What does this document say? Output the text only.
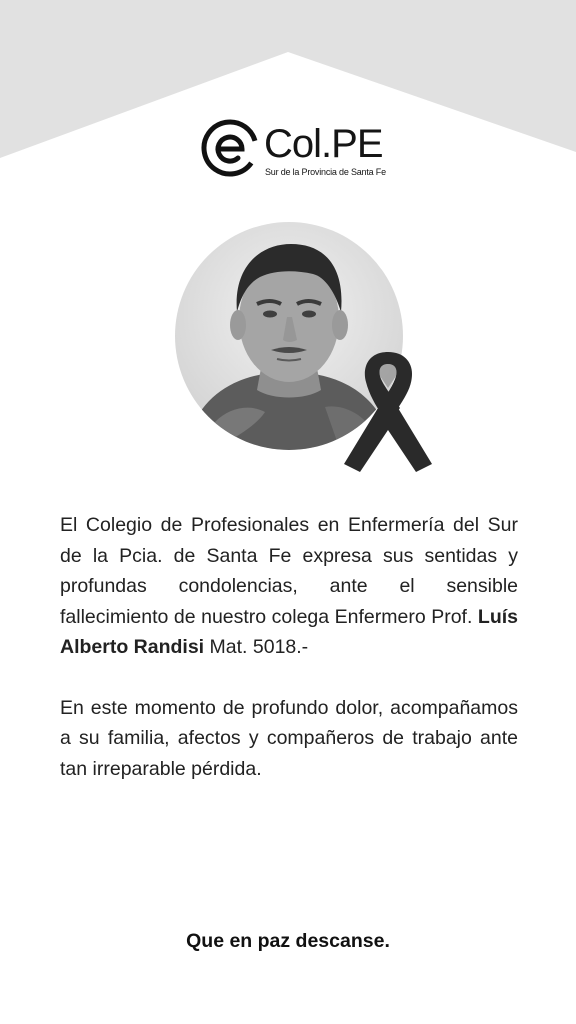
Col.PE
Sur de la Provincia de Santa Fe

El Colegio de Profesionales en Enfermería del Sur de la Pcia. de Santa Fe expresa sus sentidas y profundas condolencias, ante el sensible fallecimiento de nuestro colega Enfermero Prof. Luís Alberto Randisi Mat. 5018.-

En este momento de profundo dolor, acompañamos a su familia, afectos y compañeros de trabajo ante tan irreparable pérdida.

Que en paz descanse.
